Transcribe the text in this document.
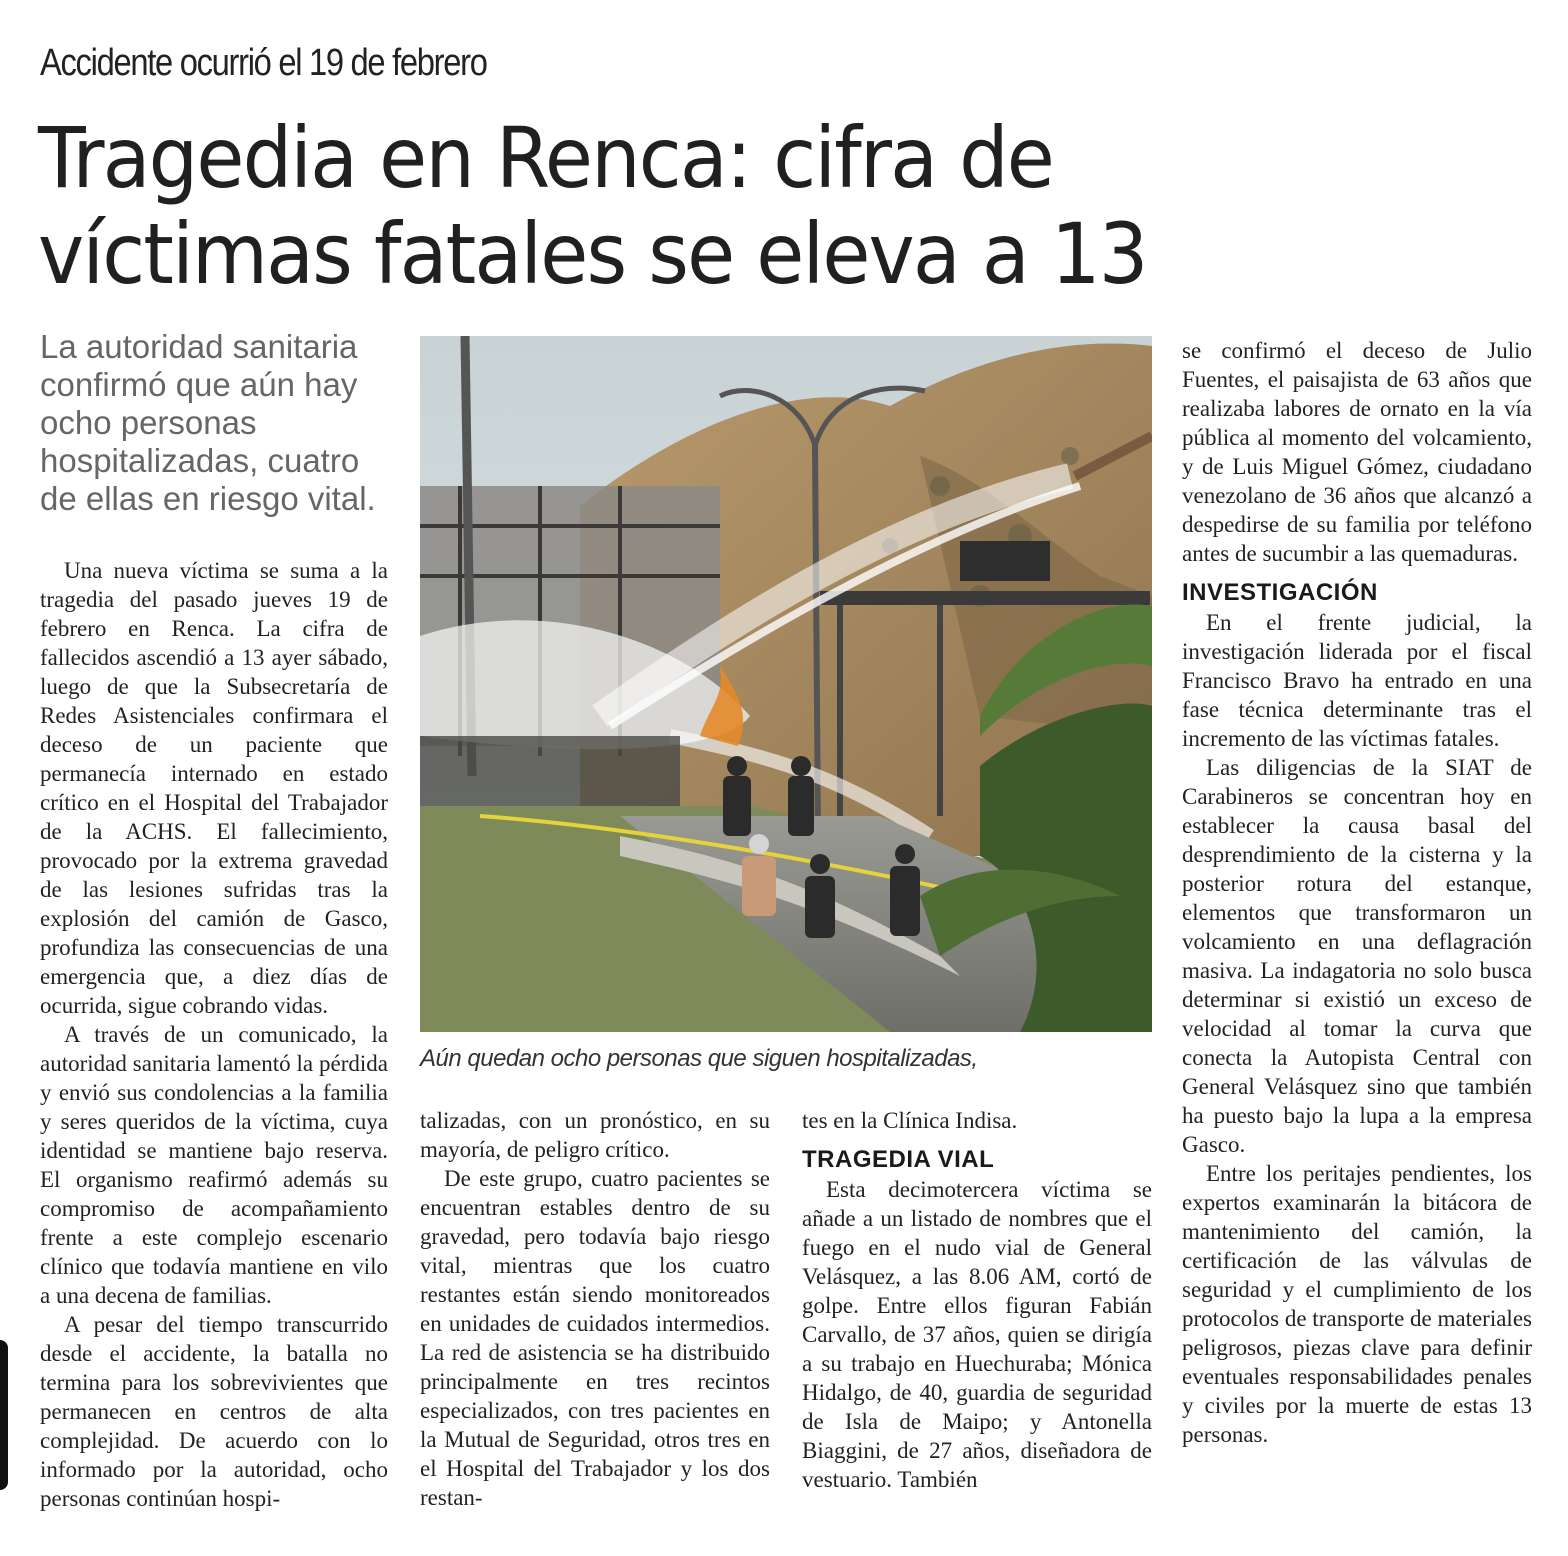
Accidente ocurrió el 19 de febrero
Tragedia en Renca: cifra de
víctimas fatales se eleva a 13

La autoridad sanitaria confirmó que aún hay ocho personas hospitalizadas, cuatro de ellas en riesgo vital.

Una nueva víctima se suma a la tragedia del pasado jueves 19 de febrero en Renca. La cifra de fallecidos ascendió a 13 ayer sábado, luego de que la Subsecretaría de Redes Asistenciales confirmara el deceso de un paciente que permanecía internado en estado crítico en el Hospital del Trabajador de la ACHS. El fallecimiento, provocado por la extrema gravedad de las lesiones sufridas tras la explosión del camión de Gasco, profundiza las consecuencias de una emergencia que, a diez días de ocurrida, sigue cobrando vidas.

A través de un comunicado, la autoridad sanitaria lamentó la pérdida y envió sus condolencias a la familia y seres queridos de la víctima, cuya identidad se mantiene bajo reserva. El organismo reafirmó además su compromiso de acompañamiento frente a este complejo escenario clínico que todavía mantiene en vilo a una decena de familias.

A pesar del tiempo transcurrido desde el accidente, la batalla no termina para los sobrevivientes que permanecen en centros de alta complejidad. De acuerdo con lo informado por la autoridad, ocho personas continúan hospi-

Aún quedan ocho personas que siguen hospitalizadas,

talizadas, con un pronóstico, en su mayoría, de peligro crítico.

De este grupo, cuatro pacientes se encuentran estables dentro de su gravedad, pero todavía bajo riesgo vital, mientras que los cuatro restantes están siendo monitoreados en unidades de cuidados intermedios. La red de asistencia se ha distribuido principalmente en tres recintos especializados, con tres pacientes en la Mutual de Seguridad, otros tres en el Hospital del Trabajador y los dos restan-

tes en la Clínica Indisa.

TRAGEDIA VIAL

Esta decimotercera víctima se añade a un listado de nombres que el fuego en el nudo vial de General Velásquez, a las 8.06 AM, cortó de golpe. Entre ellos figuran Fabián Carvallo, de 37 años, quien se dirigía a su trabajo en Huechuraba; Mónica Hidalgo, de 40, guardia de seguridad de Isla de Maipo; y Antonella Biaggini, de 27 años, diseñadora de vestuario. También

se confirmó el deceso de Julio Fuentes, el paisajista de 63 años que realizaba labores de ornato en la vía pública al momento del volcamiento, y de Luis Miguel Gómez, ciudadano venezolano de 36 años que alcanzó a despedirse de su familia por teléfono antes de sucumbir a las quemaduras.

INVESTIGACIÓN

En el frente judicial, la investigación liderada por el fiscal Francisco Bravo ha entrado en una fase técnica determinante tras el incremento de las víctimas fatales.

Las diligencias de la SIAT de Carabineros se concentran hoy en establecer la causa basal del desprendimiento de la cisterna y la posterior rotura del estanque, elementos que transformaron un volcamiento en una deflagración masiva. La indagatoria no solo busca determinar si existió un exceso de velocidad al tomar la curva que conecta la Autopista Central con General Velásquez sino que también ha puesto bajo la lupa a la empresa Gasco.

Entre los peritajes pendientes, los expertos examinarán la bitácora de mantenimiento del camión, la certificación de las válvulas de seguridad y el cumplimiento de los protocolos de transporte de materiales peligrosos, piezas clave para definir eventuales responsabilidades penales y civiles por la muerte de estas 13 personas.
